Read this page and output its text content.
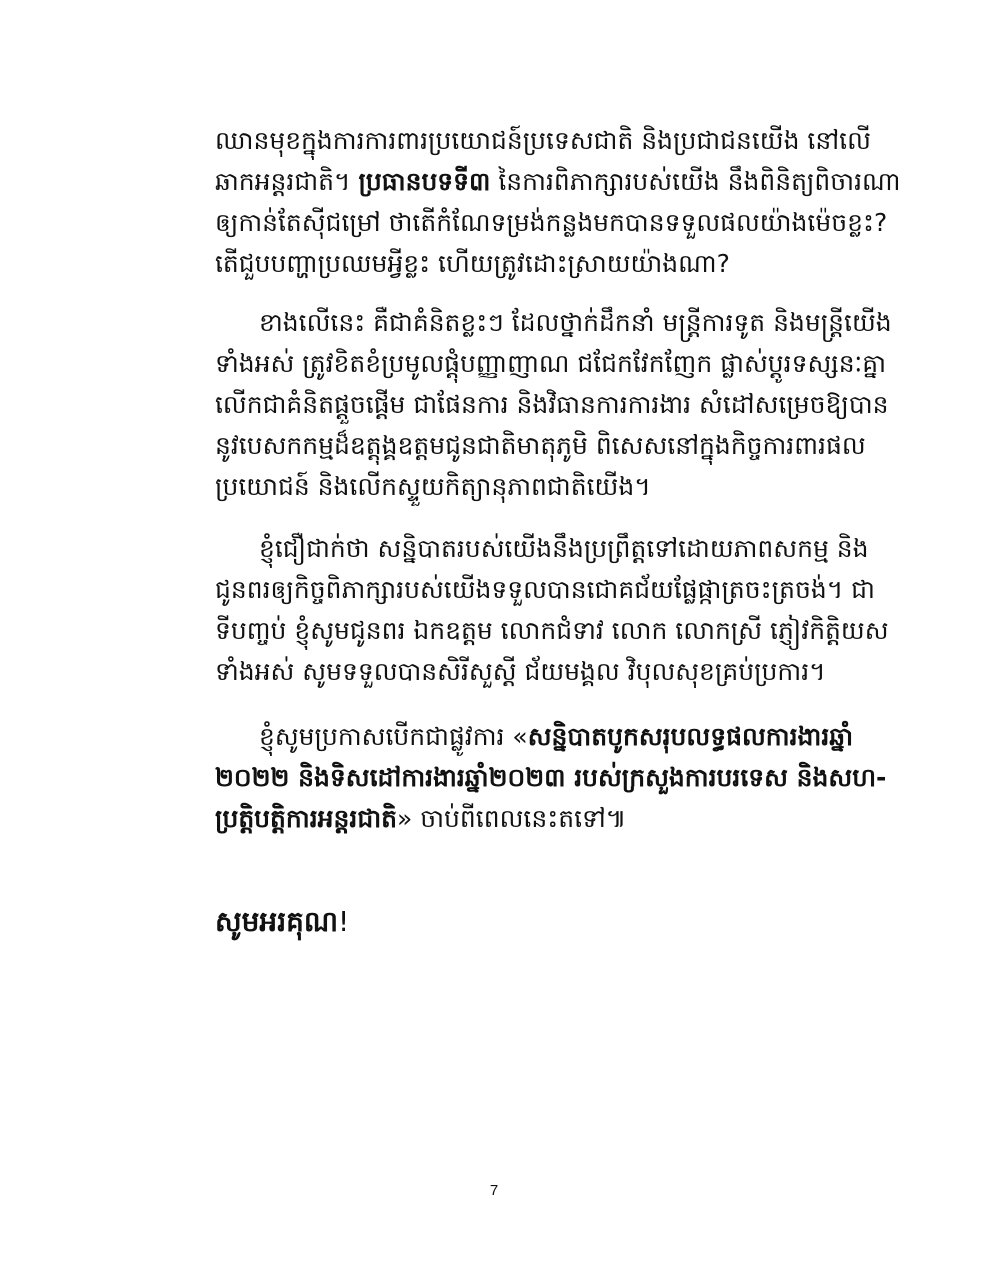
ឈានមុខក្នុងការការពារប្រយោជន៍ប្រទេសជាតិ និងប្រជាជនយើង នៅលើ
ឆាកអន្តរជាតិ។ ប្រធានបទទី៣ នៃការពិភាក្សារបស់យើង នឹងពិនិត្យពិចារណា
ឲ្យកាន់តែស៊ីជម្រៅ ថាតើកំណែទម្រង់កន្លងមកបានទទួលផលយ៉ាងម៉េចខ្លះ?
តើជួបបញ្ហាប្រឈមអ្វីខ្លះ ហើយត្រូវដោះស្រាយយ៉ាងណា?

ខាងលើនេះ គឺជាគំនិតខ្លះៗ ដែលថ្នាក់ដឹកនាំ មន្ត្រីការទូត និងមន្ត្រីយើង
ទាំងអស់ ត្រូវខិតខំប្រមូលផ្តុំបញ្ញាញាណ ជជែកវែកញែក ផ្លាស់ប្តូរទស្សនៈគ្នា
លើកជាគំនិតផ្តួចផ្តើម ជាផែនការ និងវិធានការការងារ សំដៅសម្រេចឱ្យបាន
នូវបេសកកម្មដ៏ឧត្តុង្គឧត្តមជូនជាតិមាតុភូមិ ពិសេសនៅក្នុងកិច្ចការពារផល
ប្រយោជន៍ និងលើកស្ទួយកិត្យានុភាពជាតិយើង។

ខ្ញុំជឿជាក់ថា សន្និបាតរបស់យើងនឹងប្រព្រឹត្តទៅដោយភាពសកម្ម និង
ជូនពរឲ្យកិច្ចពិភាក្សារបស់យើងទទួលបានជោគជ័យផ្លែផ្កាត្រចះត្រចង់។ ជា
ទីបញ្ចប់ ខ្ញុំសូមជូនពរ ឯកឧត្តម លោកជំទាវ លោក លោកស្រី ភ្ញៀវកិត្តិយស
ទាំងអស់ សូមទទួលបានសិរីសួស្តី ជ័យមង្គល វិបុលសុខគ្រប់ប្រការ។

ខ្ញុំសូមប្រកាសបើកជាផ្លូវការ «សន្និបាតបូកសរុបលទ្ធផលការងារឆ្នាំ
២០២២ និងទិសដៅការងារឆ្នាំ២០២៣ របស់ក្រសួងការបរទេស និងសហ-
ប្រត្តិបត្តិការអន្តរជាតិ» ចាប់ពីពេលនេះតទៅ៕

សូមអរគុណ!
7
